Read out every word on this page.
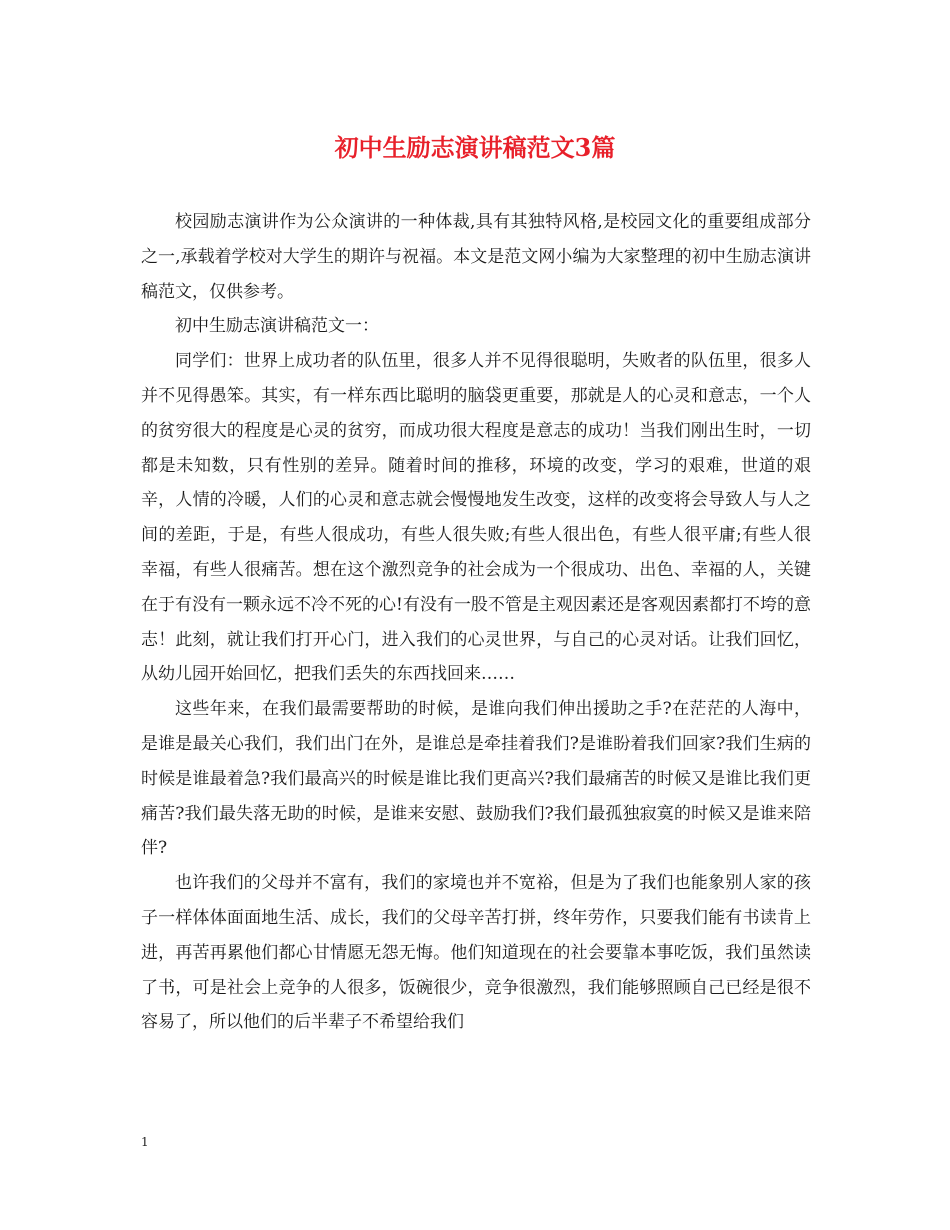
初中生励志演讲稿范文3篇

校园励志演讲作为公众演讲的一种体裁,具有其独特风格,是校园文化的重要组成部分之一,承载着学校对大学生的期许与祝福。本文是范文网小编为大家整理的初中生励志演讲稿范文，仅供参考。

初中生励志演讲稿范文一：

同学们：世界上成功者的队伍里，很多人并不见得很聪明，失败者的队伍里，很多人并不见得愚笨。其实，有一样东西比聪明的脑袋更重要，那就是人的心灵和意志，一个人的贫穷很大的程度是心灵的贫穷，而成功很大程度是意志的成功！当我们刚出生时，一切都是未知数，只有性别的差异。随着时间的推移，环境的改变，学习的艰难，世道的艰辛，人情的冷暖，人们的心灵和意志就会慢慢地发生改变，这样的改变将会导致人与人之间的差距，于是，有些人很成功，有些人很失败;有些人很出色，有些人很平庸;有些人很幸福，有些人很痛苦。想在这个激烈竞争的社会成为一个很成功、出色、幸福的人，关键在于有没有一颗永远不冷不死的心!有没有一股不管是主观因素还是客观因素都打不垮的意志！此刻，就让我们打开心门，进入我们的心灵世界，与自己的心灵对话。让我们回忆，从幼儿园开始回忆，把我们丢失的东西找回来……

这些年来，在我们最需要帮助的时候，是谁向我们伸出援助之手?在茫茫的人海中，是谁是最关心我们，我们出门在外，是谁总是牵挂着我们?是谁盼着我们回家?我们生病的时候是谁最着急?我们最高兴的时候是谁比我们更高兴?我们最痛苦的时候又是谁比我们更痛苦?我们最失落无助的时候，是谁来安慰、鼓励我们?我们最孤独寂寞的时候又是谁来陪伴?

也许我们的父母并不富有，我们的家境也并不宽裕，但是为了我们也能象别人家的孩子一样体体面面地生活、成长，我们的父母辛苦打拼，终年劳作，只要我们能有书读肯上进，再苦再累他们都心甘情愿无怨无悔。他们知道现在的社会要靠本事吃饭，我们虽然读了书，可是社会上竞争的人很多，饭碗很少，竞争很激烈，我们能够照顾自己已经是很不容易了，所以他们的后半辈子不希望给我们

1
